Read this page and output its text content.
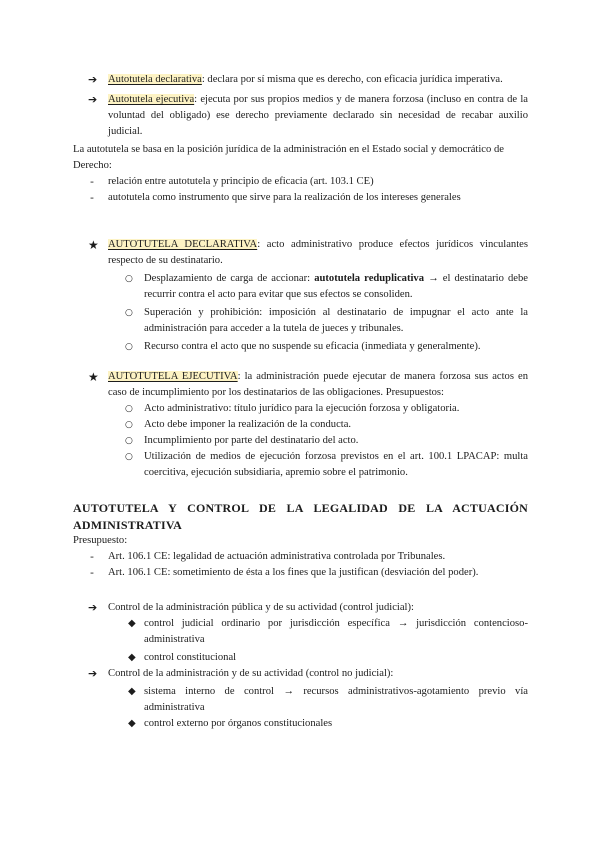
➔ Autotutela declarativa: declara por sí misma que es derecho, con eficacia jurídica imperativa.
➔ Autotutela ejecutiva: ejecuta por sus propios medios y de manera forzosa (incluso en contra de la voluntad del obligado) ese derecho previamente declarado sin necesidad de recabar auxilio judicial.
La autotutela se basa en la posición jurídica de la administración en el Estado social y democrático de Derecho:
- relación entre autotutela y principio de eficacia (art. 103.1 CE)
- autotutela como instrumento que sirve para la realización de los intereses generales
★ AUTOTUTELA DECLARATIVA: acto administrativo produce efectos jurídicos vinculantes respecto de su destinatario.
○ Desplazamiento de carga de accionar: autotutela reduplicativa → el destinatario debe recurrir contra el acto para evitar que sus efectos se consoliden.
○ Superación y prohibición: imposición al destinatario de impugnar el acto ante la administración para acceder a la tutela de jueces y tribunales.
○ Recurso contra el acto que no suspende su eficacia (inmediata y generalmente).
★ AUTOTUTELA EJECUTIVA: la administración puede ejecutar de manera forzosa sus actos en caso de incumplimiento por los destinatarios de las obligaciones. Presupuestos:
○ Acto administrativo: título jurídico para la ejecución forzosa y obligatoria.
○ Acto debe imponer la realización de la conducta.
○ Incumplimiento por parte del destinatario del acto.
○ Utilización de medios de ejecución forzosa previstos en el art. 100.1 LPACAP: multa coercitiva, ejecución subsidiaria, apremio sobre el patrimonio.
AUTOTUTELA Y CONTROL DE LA LEGALIDAD DE LA ACTUACIÓN
ADMINISTRATIVA
Presupuesto:
- Art. 106.1 CE: legalidad de actuación administrativa controlada por Tribunales.
- Art. 106.1 CE: sometimiento de ésta a los fines que la justifican (desviación del poder).
➔ Control de la administración pública y de su actividad (control judicial):
◆ control judicial ordinario por jurisdicción específica → jurisdicción contencioso-administrativa
◆ control constitucional
➔ Control de la administración y de su actividad (control no judicial):
◆ sistema interno de control → recursos administrativos-agotamiento previo vía administrativa
◆ control externo por órganos constitucionales
